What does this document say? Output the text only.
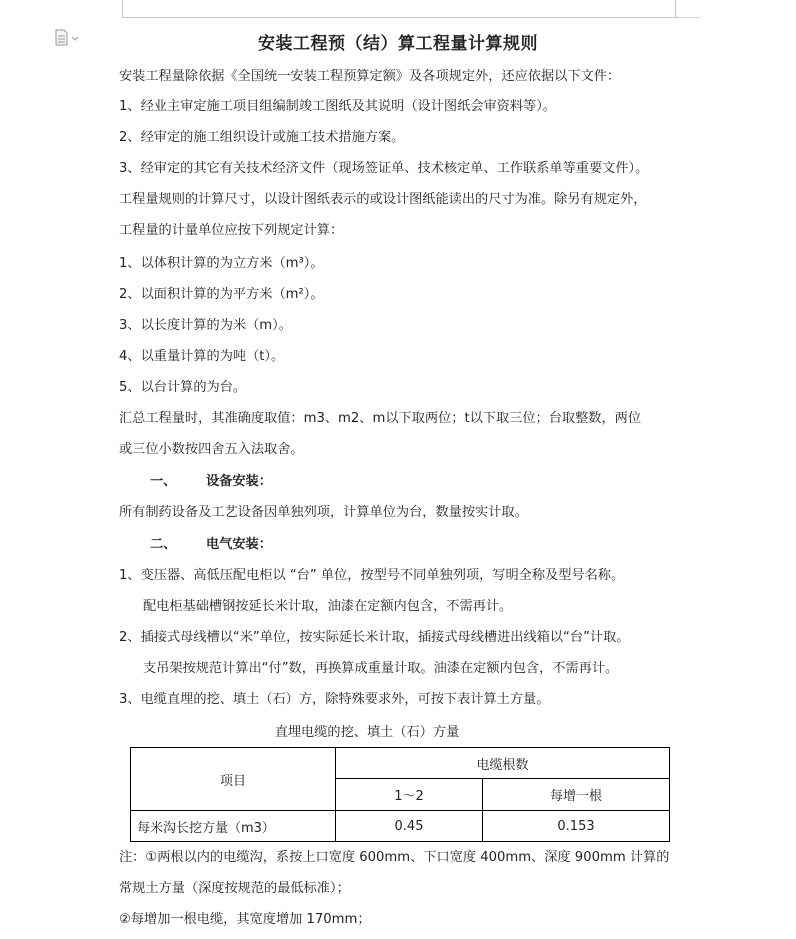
安装工程预（结）算工程量计算规则
安装工程量除依据《全国统一安装工程预算定额》及各项规定外，还应依据以下文件：
1、经业主审定施工项目组编制竣工图纸及其说明（设计图纸会审资料等）。
2、经审定的施工组织设计或施工技术措施方案。
3、经审定的其它有关技术经济文件（现场签证单、技术核定单、工作联系单等重要文件）。
工程量规则的计算尺寸，以设计图纸表示的或设计图纸能读出的尺寸为准。除另有规定外，
工程量的计量单位应按下列规定计算：
1、以体积计算的为立方米（m³）。
2、以面积计算的为平方米（m²）。
3、以长度计算的为米（m）。
4、以重量计算的为吨（t）。
5、以台计算的为台。
汇总工程量时，其准确度取值：m3、m2、m以下取两位；t以下取三位；台取整数，两位
或三位小数按四舍五入法取舍。
一、 设备安装：
所有制药设备及工艺设备因单独列项，计算单位为台，数量按实计取。
二、 电气安装：
1、变压器、高低压配电柜以 “台” 单位，按型号不同单独列项，写明全称及型号名称。
配电柜基础槽钢按延长米计取，油漆在定额内包含，不需再计。
2、插接式母线槽以“米”单位，按实际延长米计取，插接式母线槽进出线箱以“台”计取。
支吊架按规范计算出“付”数，再换算成重量计取。油漆在定额内包含，不需再计。
3、电缆直埋的挖、填土（石）方，除特殊要求外，可按下表计算土方量。
直埋电缆的挖、填土（石）方量
项目	电缆根数	
	1～2	每增一根
每米沟长挖方量（m3）	0.45	0.153
注：①两根以内的电缆沟，系按上口宽度 600mm、下口宽度 400mm、深度 900mm 计算的
常规土方量（深度按规范的最低标准）；
②每增加一根电缆，其宽度增加 170mm；
